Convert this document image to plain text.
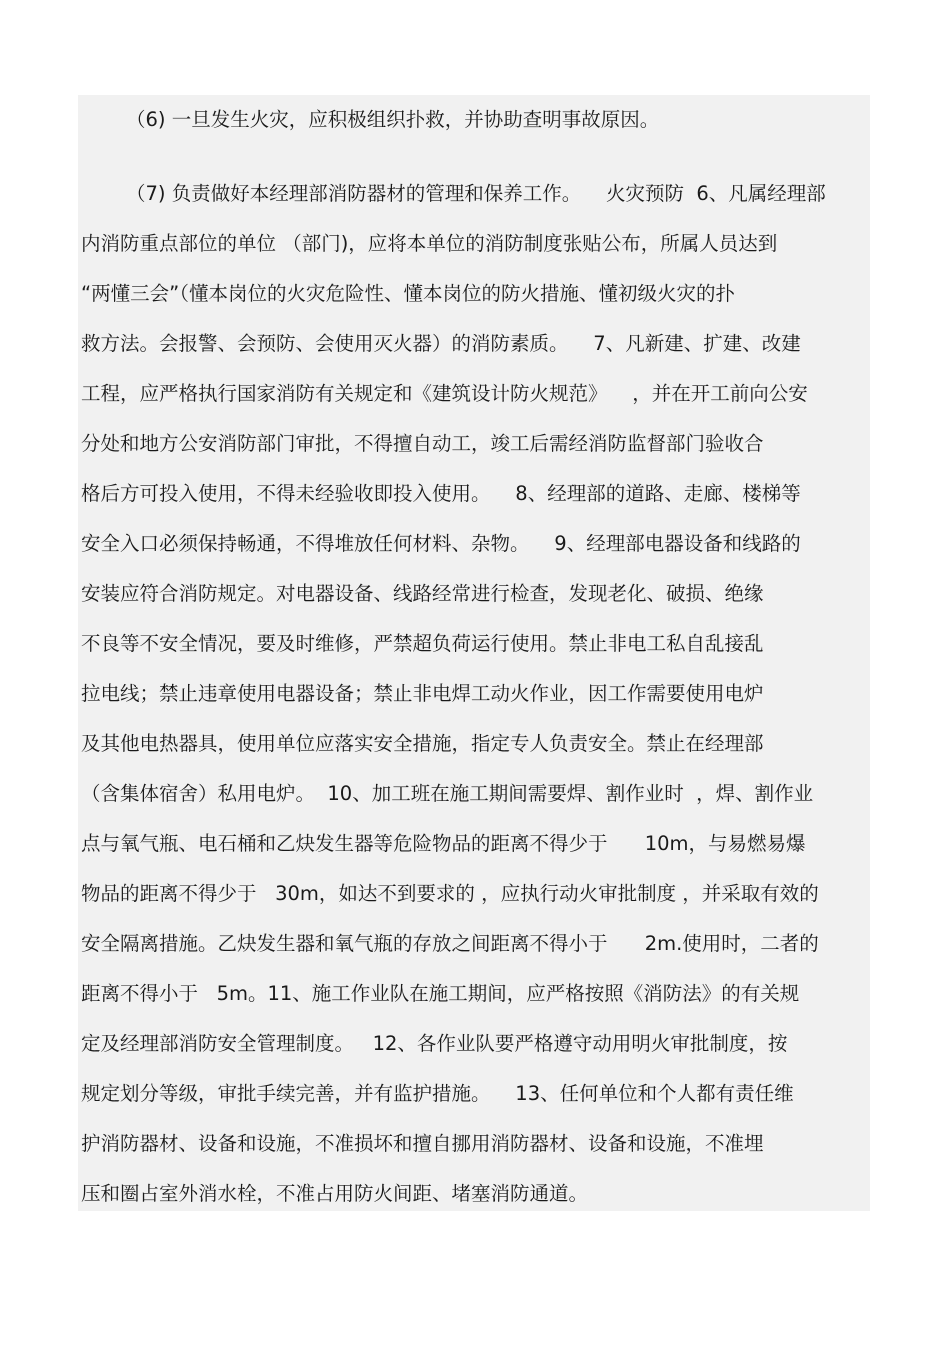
（6) 一旦发生火灾，应积极组织扑救，并协助查明事故原因。
（7) 负责做好本经理部消防器材的管理和保养工作。    火灾预防  6、凡属经理部
内消防重点部位的单位 （部门)，应将本单位的消防制度张贴公布，所属人员达到
“两懂三会”（懂本岗位的火灾危险性、懂本岗位的防火措施、懂初级火灾的扑
救方法。会报警、会预防、会使用灭火器）的消防素质。    7、凡新建、扩建、改建
工程，应严格执行国家消防有关规定和《建筑设计防火规范》    ，并在开工前向公安
分处和地方公安消防部门审批，不得擅自动工，竣工后需经消防监督部门验收合
格后方可投入使用，不得未经验收即投入使用。    8、经理部的道路、走廊、楼梯等
安全入口必须保持畅通，不得堆放任何材料、杂物。    9、经理部电器设备和线路的
安装应符合消防规定。对电器设备、线路经常进行检查，发现老化、破损、绝缘
不良等不安全情况，要及时维修，严禁超负荷运行使用。禁止非电工私自乱接乱
拉电线；禁止违章使用电器设备；禁止非电焊工动火作业，因工作需要使用电炉
及其他电热器具，使用单位应落实安全措施，指定专人负责安全。禁止在经理部
（含集体宿舍）私用电炉。  10、加工班在施工期间需要焊、割作业时  ，焊、割作业
点与氧气瓶、电石桶和乙炔发生器等危险物品的距离不得少于      10m，与易燃易爆
物品的距离不得少于   30m，如达不到要求的 ，应执行动火审批制度 ，并采取有效的
安全隔离措施。乙炔发生器和氧气瓶的存放之间距离不得小于      2m.使用时，二者的
距离不得小于   5m。11、施工作业队在施工期间，应严格按照《消防法》的有关规
定及经理部消防安全管理制度。   12、各作业队要严格遵守动用明火审批制度，按
规定划分等级，审批手续完善，并有监护措施。    13、任何单位和个人都有责任维
护消防器材、设备和设施，不准损坏和擅自挪用消防器材、设备和设施，不准埋
压和圈占室外消水栓，不准占用防火间距、堵塞消防通道。
